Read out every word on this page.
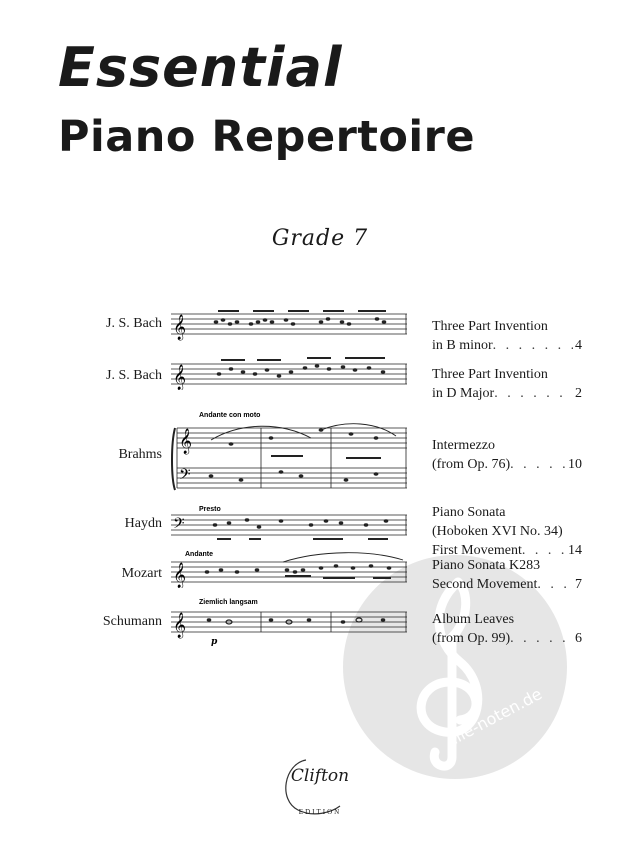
Essential
Piano Repertoire
Grade 7
alle-noten.de
J. S. Bach 𝄞	Three Part Invention
in B minor . . .	4
J. S. Bach 𝄞	Three Part Invention
in D Major . . .	2
Brahms
Andante con moto
𝄞
𝄢
Intermezzo
(from Op. 76) . . .	10
Haydn
Presto
𝄢
Piano Sonata
(Hoboken XVI No. 34)
First Movement . . .	14
Mozart
Andante
𝄞	Piano Sonata K283
Second Movement . . .	7
Schumann
Ziemlich langsam
𝄞
p
Album Leaves
(from Op. 99) . . .	6
Clifton
EDITION
